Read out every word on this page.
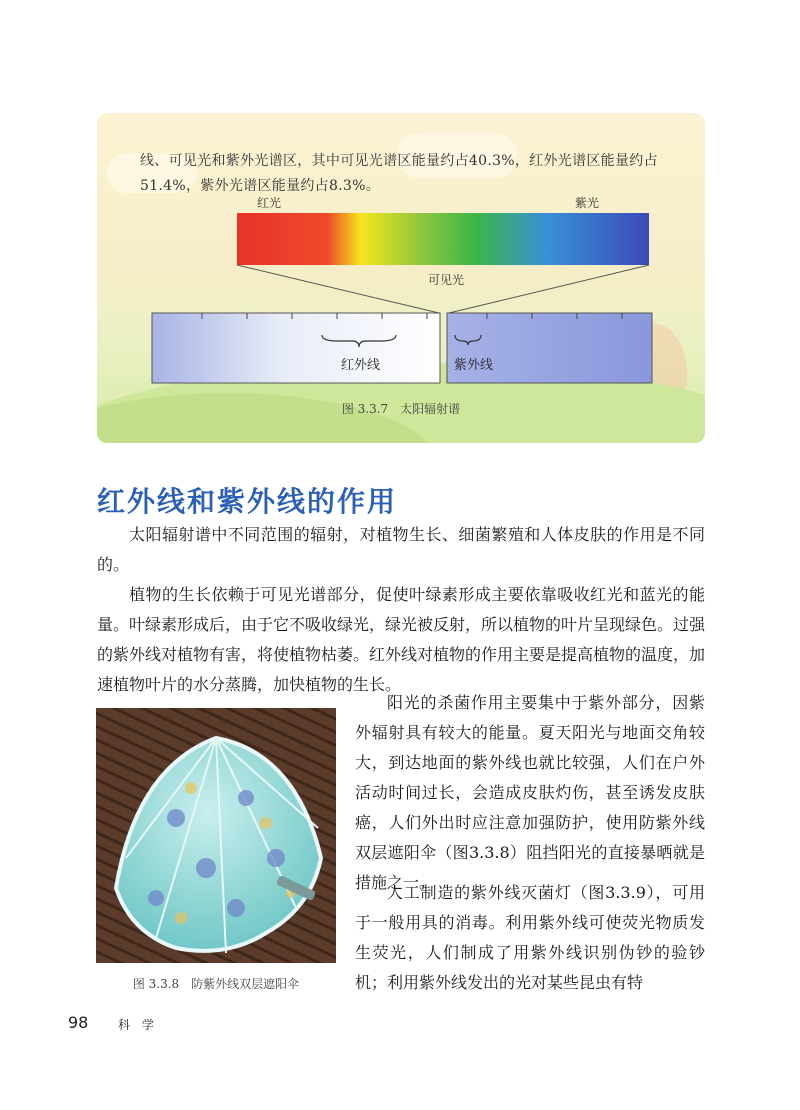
线、可见光和紫外光谱区，其中可见光谱区能量约占40.3%，红外光谱区能量约占
51.4%，紫外光谱区能量约占8.3%。
红光	紫光
可见光
红外线	紫外线
图 3.3.7　太阳辐射谱
红外线和紫外线的作用
太阳辐射谱中不同范围的辐射，对植物生长、细菌繁殖和人体皮肤的作用是不同的。
植物的生长依赖于可见光谱部分，促使叶绿素形成主要依靠吸收红光和蓝光的能量。叶绿素形成后，由于它不吸收绿光，绿光被反射，所以植物的叶片呈现绿色。过强的紫外线对植物有害，将使植物枯萎。红外线对植物的作用主要是提高植物的温度，加速植物叶片的水分蒸腾，加快植物的生长。
图 3.3.8　防紫外线双层遮阳伞
阳光的杀菌作用主要集中于紫外部分，因紫外辐射具有较大的能量。夏天阳光与地面交角较大，到达地面的紫外线也就比较强，人们在户外活动时间过长，会造成皮肤灼伤，甚至诱发皮肤癌，人们外出时应注意加强防护，使用防紫外线双层遮阳伞（图3.3.8）阻挡阳光的直接暴晒就是措施之一。
人工制造的紫外线灭菌灯（图3.3.9），可用于一般用具的消毒。利用紫外线可使荧光物质发生荧光，人们制成了用紫外线识别伪钞的验钞机；利用紫外线发出的光对某些昆虫有特
98 科 学
